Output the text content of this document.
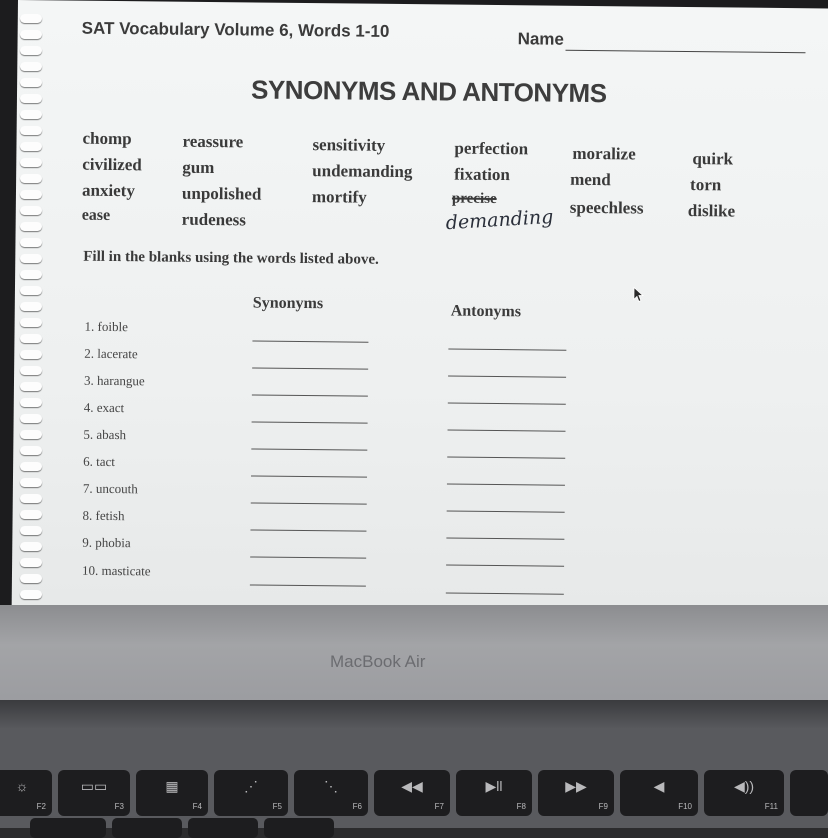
SAT Vocabulary Volume 6, Words 1-10	Name
SYNONYMS AND ANTONYMS
chomp
civilized
anxiety
ease
reassure
gum
unpolished
rudeness
sensitivity
undemanding
mortify
perfection
fixation
precise
demanding
moralize
mend
speechless
quirk
torn
dislike
Fill in the blanks using the words listed above.
Synonyms	Antonyms
1. foible
2. lacerate
3. harangue
4. exact
5. abash
6. tact
7. uncouth
8. fetish
9. phobia
10. masticate
MacBook Air
☼
F2
▭▭
F3
▦
F4
⋰
F5
⋱
F6
◀◀
F7
▶ll
F8
▶▶
F9
◀
F10
◀))
F11
